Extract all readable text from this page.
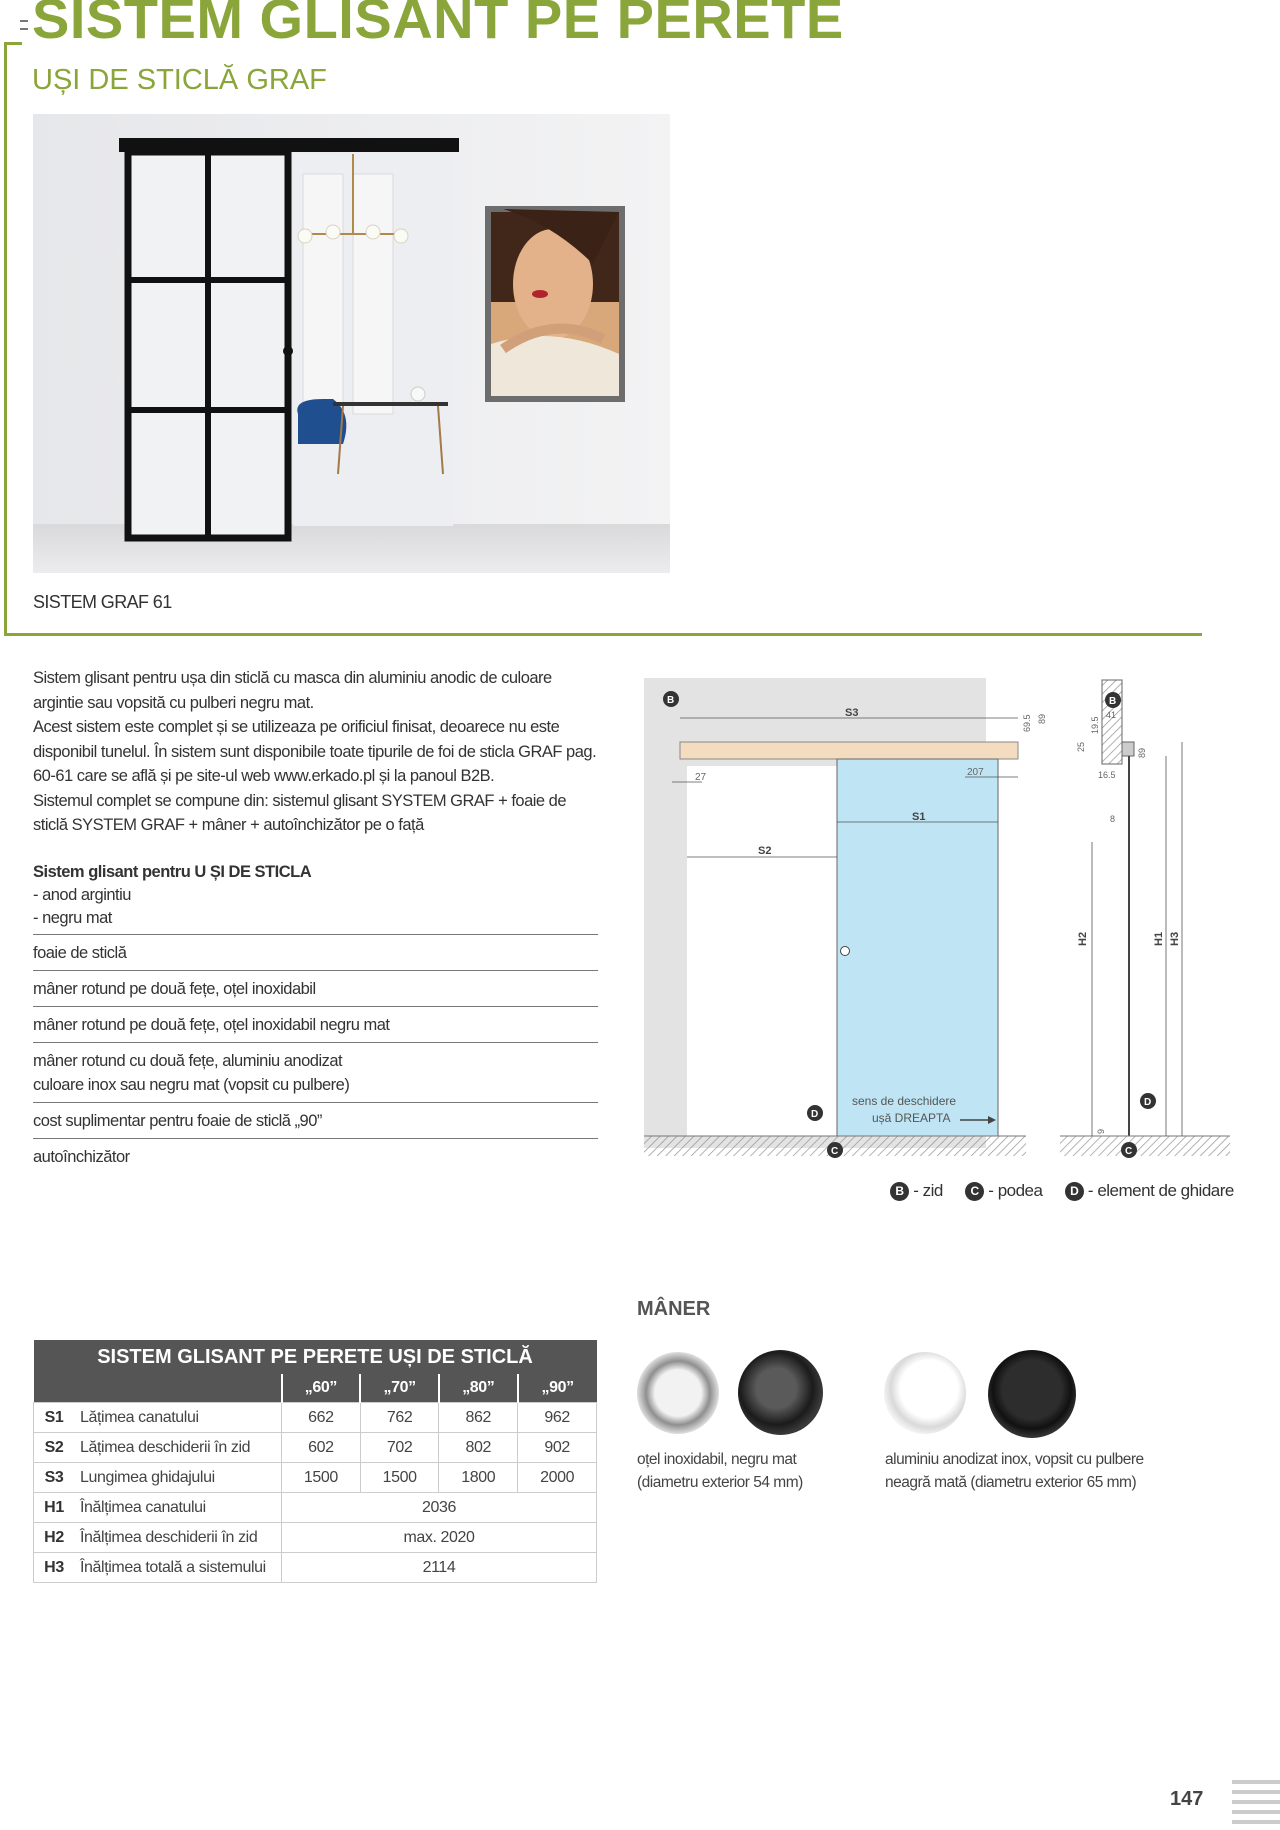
SISTEM GLISANT PE PERETE
UȘI DE STICLĂ GRAF
SISTEM GRAF 61

Sistem glisant pentru ușa din sticlă cu masca din aluminiu anodic de culoare argintie sau vopsită cu pulberi negru mat.

Acest sistem este complet și se utilizeaza pe orificiul finisat, deoarece nu este disponibil tunelul. În sistem sunt disponibile toate tipurile de foi de sticla GRAF pag. 60-61 care se află și pe site-ul web www.erkado.pl și la panoul B2B.

Sistemul complet se compune din: sistemul glisant SYSTEM GRAF + foaie de sticlă SYSTEM GRAF + mâner + autoînchizător pe o față

Sistem glisant pentru U ȘI DE STICLA
- anod argintiu
- negru mat
foaie de sticlă
mâner rotund pe două fețe, oțel inoxidabil
mâner rotund pe două fețe, oțel inoxidabil negru mat
mâner rotund cu două fețe, aluminiu anodizat
culoare inox sau negru mat (vopsit cu pulbere)
cost suplimentar pentru foaie de sticlă „90”
autoînchizător
S3
S1
S2
27	207
69.5 89
sens de deschidere
ușă DREAPTA
H2	H1 H3
41
25
19.5
89
16.5
8
9
B	B
D
C
D
C
B - zid C - podea D - element de ghidare
MÂNER
oțel inoxidabil, negru mat
(diametru exterior 54 mm)
aluminiu anodizat inox, vopsit cu pulbere
neagră mată (diametru exterior 65 mm)
SISTEM GLISANT PE PERETE UȘI DE STICLĂ					
		„60”	„70”	„80”	„90”
S1	Lățimea canatului	662	762	862	962
S2	Lățimea deschiderii în zid	602	702	802	902
S3	Lungimea ghidajului	1500	1500	1800	2000
H1	Înălțimea canatului	2036			
H2	Înălțimea deschiderii în zid	max. 2020			
H3	Înălțimea totală a sistemului	2114			
147
